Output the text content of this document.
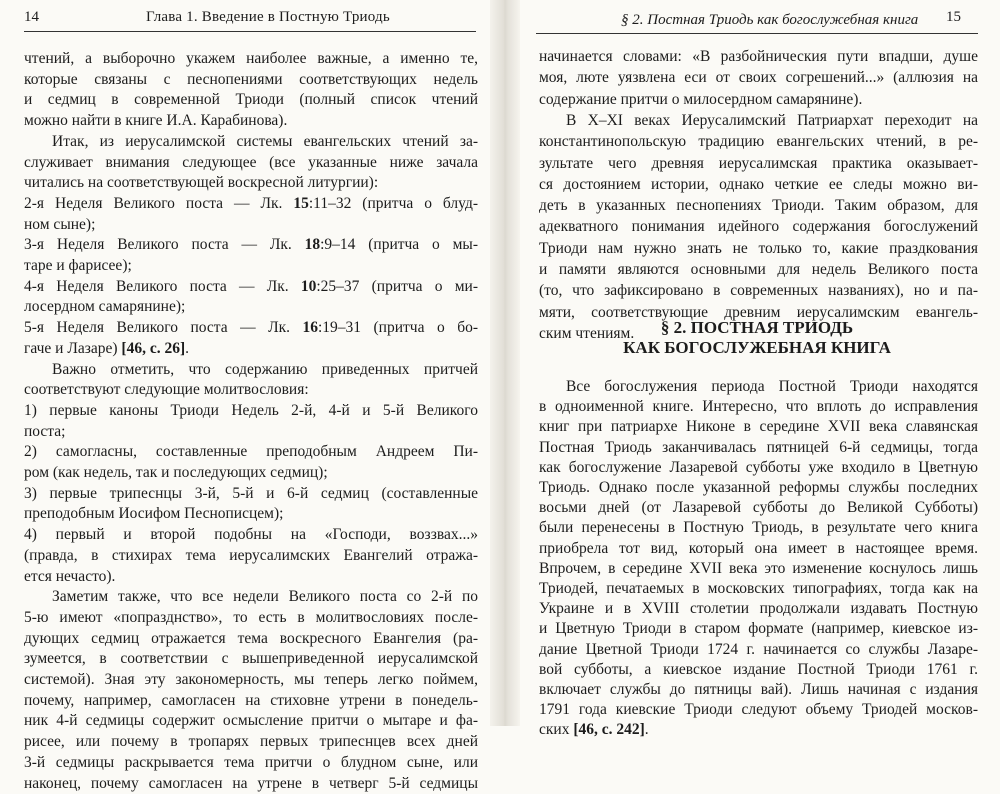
14	Глава 1. Введение в Постную Триодь
чтений, а выборочно укажем наиболее важные, а именно те,
которые связаны с песнопениями соответствующих недель
и седмиц в современной Триоди (полный список чтений
можно найти в книге И.А. Карабинова).
Итак, из иерусалимской системы евангельских чтений за-
служивает внимания следующее (все указанные ниже зачала
читались на соответствующей воскресной литургии):
2-я Неделя Великого поста — Лк. 15:11–32 (притча о блуд-
ном сыне);
3-я Неделя Великого поста — Лк. 18:9–14 (притча о мы-
таре и фарисее);
4-я Неделя Великого поста — Лк. 10:25–37 (притча о ми-
лосердном самарянине);
5-я Неделя Великого поста — Лк. 16:19–31 (притча о бо-
гаче и Лазаре) [46, с. 26].
Важно отметить, что содержанию приведенных притчей
соответствуют следующие молитвословия:
1) первые каноны Триоди Недель 2-й, 4-й и 5-й Великого
поста;
2) самогласны, составленные преподобным Андреем Пи-
ром (как недель, так и последующих седмиц);
3) первые трипеснцы 3-й, 5-й и 6-й седмиц (составленные
преподобным Иосифом Песнописцем);
4) первый и второй подобны на «Господи, воззвах...»
(правда, в стихирах тема иерусалимских Евангелий отража-
ется нечасто).
Заметим также, что все недели Великого поста со 2-й по
5-ю имеют «попразднство», то есть в молитвословиях после-
дующих седмиц отражается тема воскресного Евангелия (ра-
зумеется, в соответствии с вышеприведенной иерусалимской
системой). Зная эту закономерность, мы теперь легко поймем,
почему, например, самогласен на стиховне утрени в понедель-
ник 4-й седмицы содержит осмысление притчи о мытаре и фа-
рисее, или почему в тропарях первых трипеснцев всех дней
3-й седмицы раскрывается тема притчи о блудном сыне, или
наконец, почему самогласен на утрене в четверг 5-й седмицы
§ 2. Постная Триодь как богослужебная книга 15
начинается словами: «В разбойническия пути впадши, душе
моя, люте уязвлена еси от своих согрешений...» (аллюзия на
содержание притчи о милосердном самарянине).
В X–XI веках Иерусалимский Патриархат переходит на
константинопольскую традицию евангельских чтений, в ре-
зультате чего древняя иерусалимская практика оказывает-
ся достоянием истории, однако четкие ее следы можно ви-
деть в указанных песнопениях Триоди. Таким образом, для
адекватного понимания идейного содержания богослужений
Триоди нам нужно знать не только то, какие праздкования
и памяти являются основными для недель Великого поста
(то, что зафиксировано в современных названиях), но и па-
мяти, соответствующие древним иерусалимским евангель-
ским чтениям.
Все богослужения периода Постной Триоди находятся
в одноименной книге. Интересно, что вплоть до исправления
книг при патриархе Никоне в середине XVII века славянская
Постная Триодь заканчивалась пятницей 6-й седмицы, тогда
как богослужение Лазаревой субботы уже входило в Цветную
Триодь. Однако после указанной реформы службы последних
восьми дней (от Лазаревой субботы до Великой Субботы)
были перенесены в Постную Триодь, в результате чего книга
приобрела тот вид, который она имеет в настоящее время.
Впрочем, в середине XVII века это изменение коснулось лишь
Триодей, печатаемых в московских типографиях, тогда как на
Украине и в XVIII столетии продолжали издавать Постную
и Цветную Триоди в старом формате (например, киевское из-
дание Цветной Триоди 1724 г. начинается со службы Лазаре-
вой субботы, а киевское издание Постной Триоди 1761 г.
включает службы до пятницы вай). Лишь начиная с издания
1791 года киевские Триоди следуют объему Триодей москов-
ских [46, с. 242].
§ 2. ПОСТНАЯ ТРИОДЬ
КАК БОГОСЛУЖЕБНАЯ КНИГА
